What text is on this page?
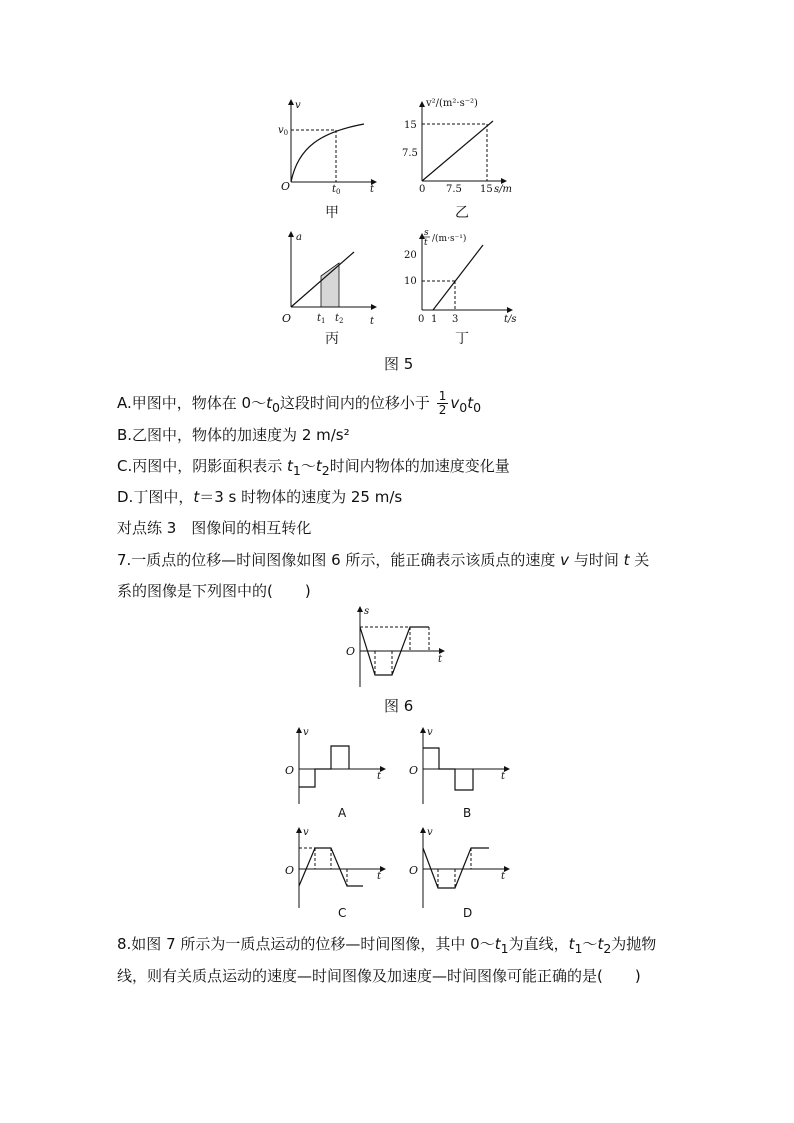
v
t
O
$v_0$
$t_0$
甲
v²/(m²·s⁻²)
s/m
0
15
7.5
7.5 15
乙
a
t
O	$t_1$ $t_2$
丙
s
t /(m·s⁻¹)
t/s
0
20
10
1 3
丁
图 5
A.甲图中，物体在 $0\sim t_0$这段时间内的位移小于 $\frac{1}{2} v_0t_0$
B.乙图中，物体的加速度为 2 m/s²
C.丙图中，阴影面积表示 $t_1\sim t_2$时间内物体的加速度变化量
D.丁图中，t＝3 s 时物体的速度为 25 m/s
对点练 3　图像间的相互转化
7.一质点的位移—时间图像如图 6 所示，能正确表示该质点的速度 v 与时间 t 关
系的图像是下列图中的( )
s
t
O
图 6
v
t
O
A
v
t
O
B
v
t
O
C
v
t
O
D
8.如图 7 所示为一质点运动的位移—时间图像，其中 $0\sim t_1$为直线，$t_1\sim t_2$为抛物
线，则有关质点运动的速度—时间图像及加速度—时间图像可能正确的是( )
